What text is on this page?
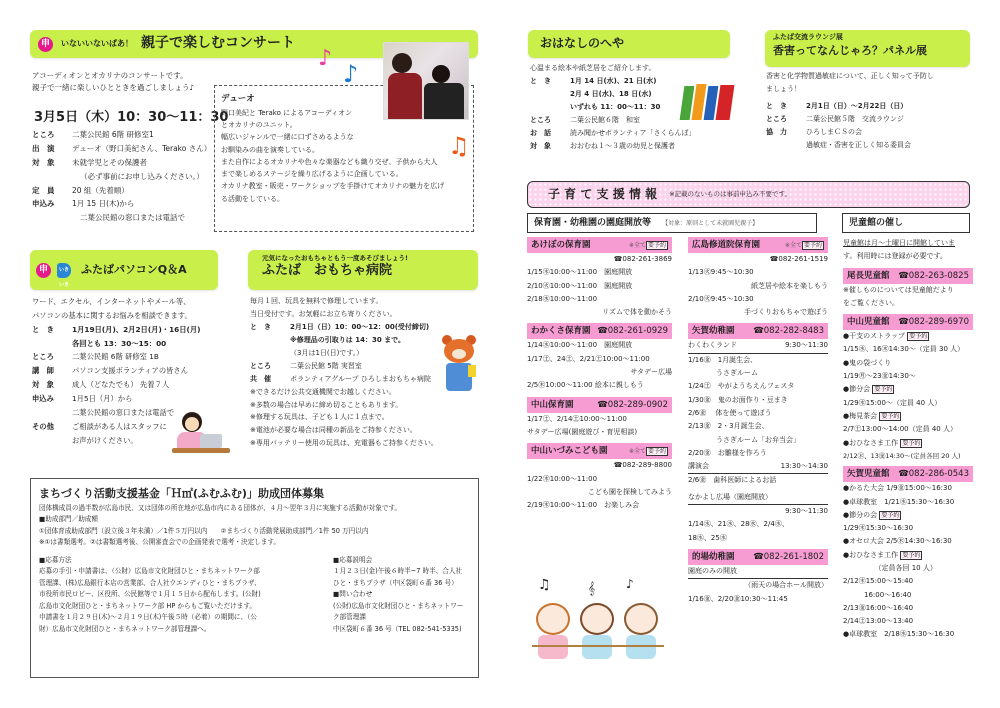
申	いないいないばあ！ 親子で楽しむコンサート
♪
♪
アコーディオンとオカリナのコンサートです。
親子で一緒に楽しいひとときを過ごしましょう♪
3月5日（木）10：30～11：30
ところ	二葉公民館 6階 研修室1
出　演	デューオ（野口美紀さん、Terako さん）
対　象	未就学児とその保護者
（必ず事前にお申し込みください。）
定　員	20 組（先着順）
申込み	1月 15 日(木)から
二葉公民館の窓口または電話で
デューオ
野口美紀と Terako によるアコーディオン
とオカリナのユニット。
幅広いジャンルで一緒に口ずさめるような
お馴染みの曲を演奏している。
また自作によるオカリナや色々な楽器なども織り交ぜ、子供から大人
まで楽しめるステージを繰り広げるように企画している。
オカリナ教室・販売・ワークショップを手掛けてオカリナの魅力を広げ
る活動をしている。
♫
申	いきいき
ふたばパソコンQ＆A
ワード、エクセル、インターネットやメール等、
パソコンの基本に関するお悩みを相談できます。
と　き	1月19日(月)、2月2日(月)・16日(月)
各回とも 13：30～15：00
ところ	二葉公民館 6階 研修室 1B
講　師	パソコン支援ボランティアの皆さん
対　象	成人（どなたでも） 先着７人
申込み	1月5日（月）から
二葉公民館の窓口または電話で
その他	ご相談がある人はスタッフに
お声がけください。
元気になったおもちゃともう一度あそびましょう!
ふたば　おもちゃ病院
毎月１回、玩具を無料で修理しています。
当日受付です。お気軽にお立ち寄りください。
と　き	2月1日（日）10：00～12：00(受付締切)
※修理品の引取りは 14：30 まで。
（3月は1日(日)です。）
ところ	二葉公民館 5階 実習室
共　催	ボランティアグループ ひろしまおもちゃ病院
※できるだけ公共交通機関でお越しください。
※多数の場合は早めに締め切ることもあります。
※修理する玩具は、子ども１人に１点まで。
※電池が必要な場合は同種の新品をご持参ください。
※専用バッテリー使用の玩具は、充電器もご持参ください。
まちづくり活動支援基金「Ｈ㎡(ふむふむ)」助成団体募集
団体構成員の過半数が広島市民、又は団体の所在地が広島市内にある団体が、４月～翌年３月に実施する活動が対象です。
■助成部門／助成額
①団体育成助成部門（設立後３年未満）／1件５万円以内　　②まちづくり活動発展助成部門／1件 50 万円以内
※①は書類選考。②は書類選考後、公開審査会での企画発表で選考・決定します。
■応募方法
応募の手引・申請書は、（公財）広島市文化財団ひと・まちネットワーク部
管理課、(株)広島銀行本店の営業部、合人社ウエンディひと・まちプラザ、
市役所市民ロビー、区役所、公民館等で１月１５日から配布します。(公財)
広島市文化財団ひと・まちネットワーク部 HP からもご覧いただけます。
申請書を１月２９日(木)～２月１９日(木)午後５時（必着）の期間に、（公
財）広島市文化財団ひと・まちネットワーク部管理課へ。
■応募説明会
１月２３日(金)午後６時半~7 時半、合人社
ひと・まちプラザ（中区袋町６番 36 号）
■問い合わせ
(公財)広島市文化財団ひと・まちネットワー
ク部管理課
中区袋町６番 36 号（TEL 082-541-5335)
おはなしのへや
心温まる絵本や紙芝居をご紹介します。
と　き	1月 14 日(水)、21 日(水)
2月 4 日(水)、18 日(水)
いずれも 11：00～11：30
ところ	二葉公民館６階　和室
お　話	読み聞かせボランティア「さくらんぼ」
対　象	おおむね１～３歳の幼児と保護者
ふたば交流ラウンジ展
香害ってなんじゃろ？パネル展
香害と化学物質過敏症について、正しく知って予防し
ましょう！
と　き	2月1日（日）～2月22日（日）
ところ	二葉公民館５階　交流ラウンジ
協　力	ひろしまＣＳの会
過敏症・香害を正しく知る委員会
子 育 て 支 援 情 報 ※記載のないものは事前申込み不要です。
保育園・幼稚園の園庭開放等 【対象：原則として未就園児親子】	児童館の催し
あけぼの保育園	※全て 要予約
☎082-261-3869
1/15㊍10:00～11:00　園庭開放
2/10㊋10:00～11:00　園庭開放
2/18㊌10:00～11:00
　　　　リズムで体を動かそう
わかくさ保育園 ☎082-261-0929
1/14㊌10:00～11:00　園庭開放
1/17㊏、24㊏、2/21㊏10:00～11:00
　　　　　　　　サタデー広場
2/5㊍10:00～11:00 絵本に親しもう
中山保育園	☎082-289-0902
1/17㊏、2/14㊏10:00～11:00
サタデー広場(園庭遊び・育児相談)
中山いづみこども園	※全て 要予約
☎082-289-8800
1/22㊍10:00～11:00
　　こども園を探検してみよう
2/19㊍10:00～11:00　お楽しみ会
♫	𝄞	♪
広島修道院保育園	※全て 要予約
☎082-261-1519
1/13㊋9:45～10:30
　　紙芝居や絵本を楽しもう
2/10㊋9:45～10:30
　手づくりおもちゃで遊ぼう
矢賀幼稚園 ☎082-282-8483
わくわくランド	9:30～11:30
1/16㊎　1月誕生会、
　　　　うさぎルーム
1/24㊏　やがようちえんフェスタ
1/30㊎　鬼のお面作り・豆まき
2/6㊎　 体を使って遊ぼう
2/13㊎　2・3月誕生会、
　　　　うさぎルーム「お弁当会」
2/20㊎　お雛様を作ろう
講演会	13:30～14:30
2/6㊎　歯科医師によるお話
なかよし広場（園庭開放）
9:30～11:30
1/14㊌、21㊌、28㊌、2/4㊌、
18㊌、25㊌
的場幼稚園 ☎082-261-1802
園庭のみの開放
（雨天の場合ホール開放）
1/16㊎、2/20㊎10:30～11:45
児童館は月～土曜日に開館していま
す。利用時には登録が必要です。
尾長児童館 ☎082-263-0825
※催しものについては児童館だより
をご覧ください。
中山児童館 ☎082-289-6970
●干支のストラップ 要予約
1/15㊌、16㊍14:30～（定員 30 人）
●鬼の袋づくり
1/19㊊～23㊎14:30～
●節分会 要予約
1/29㊍15:00～（定員 40 人）
●梅見茶会 要予約
2/7㊏13:00～14:00（定員 40 人）
●おひなさま工作 要予約
2/12㊍、13㊎14:30～(定員各回 20 人)
矢賀児童館 ☎082-286-0543
●かるた大会 1/9㊎15:00～16:30
●卓球教室　1/21㊌15:30～16:30
●節分の会 要予約
1/29㊍15:30～16:30
●オセロ大会 2/5㊍14:30～16:30
●おひなさま工作 要予約
　　　　　（定員各回 10 人）
2/12㊍15:00～15:40
　　　16:00～16:40
2/13㊎16:00～16:40
2/14㊏13:00～13:40
●卓球教室　2/18㊌15:30～16:30
